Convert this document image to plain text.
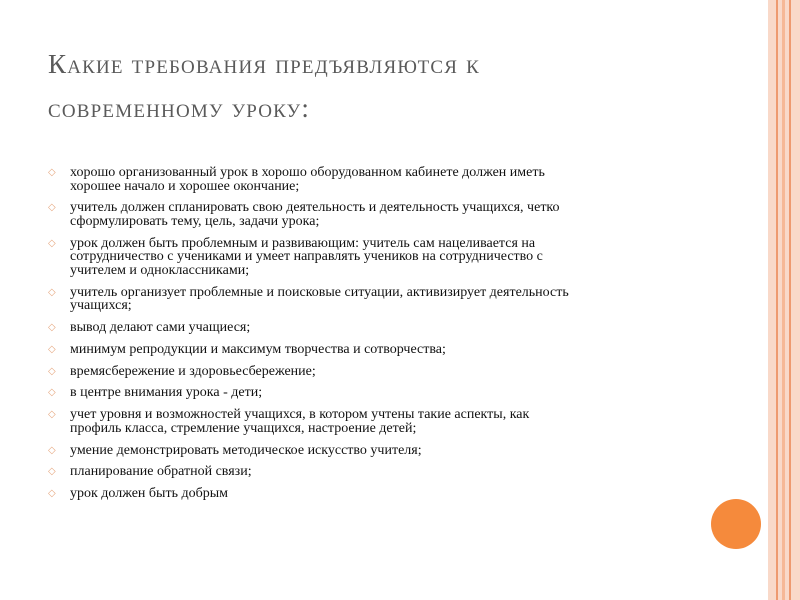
Какие требования предъявляются к
современному уроку:
◇	хорошо организованный урок в хорошо оборудованном кабинете должен иметь
хорошее начало и хорошее окончание;
◇	учитель должен спланировать свою деятельность и деятельность учащихся, четко
сформулировать тему, цель, задачи урока;
◇	урок должен быть проблемным и развивающим: учитель сам нацеливается на
сотрудничество с учениками и умеет направлять учеников на сотрудничество с
учителем и одноклассниками;
◇	учитель организует проблемные и поисковые ситуации, активизирует деятельность
учащихся;
◇	вывод делают сами учащиеся;
◇	минимум репродукции и максимум творчества и сотворчества;
◇	времясбережение и здоровьесбережение;
◇	в центре внимания урока - дети;
◇	учет уровня и возможностей учащихся, в котором учтены такие аспекты, как
профиль класса, стремление учащихся, настроение детей;
◇	умение демонстрировать методическое искусство учителя;
◇	планирование обратной связи;
◇	урок должен быть добрым
